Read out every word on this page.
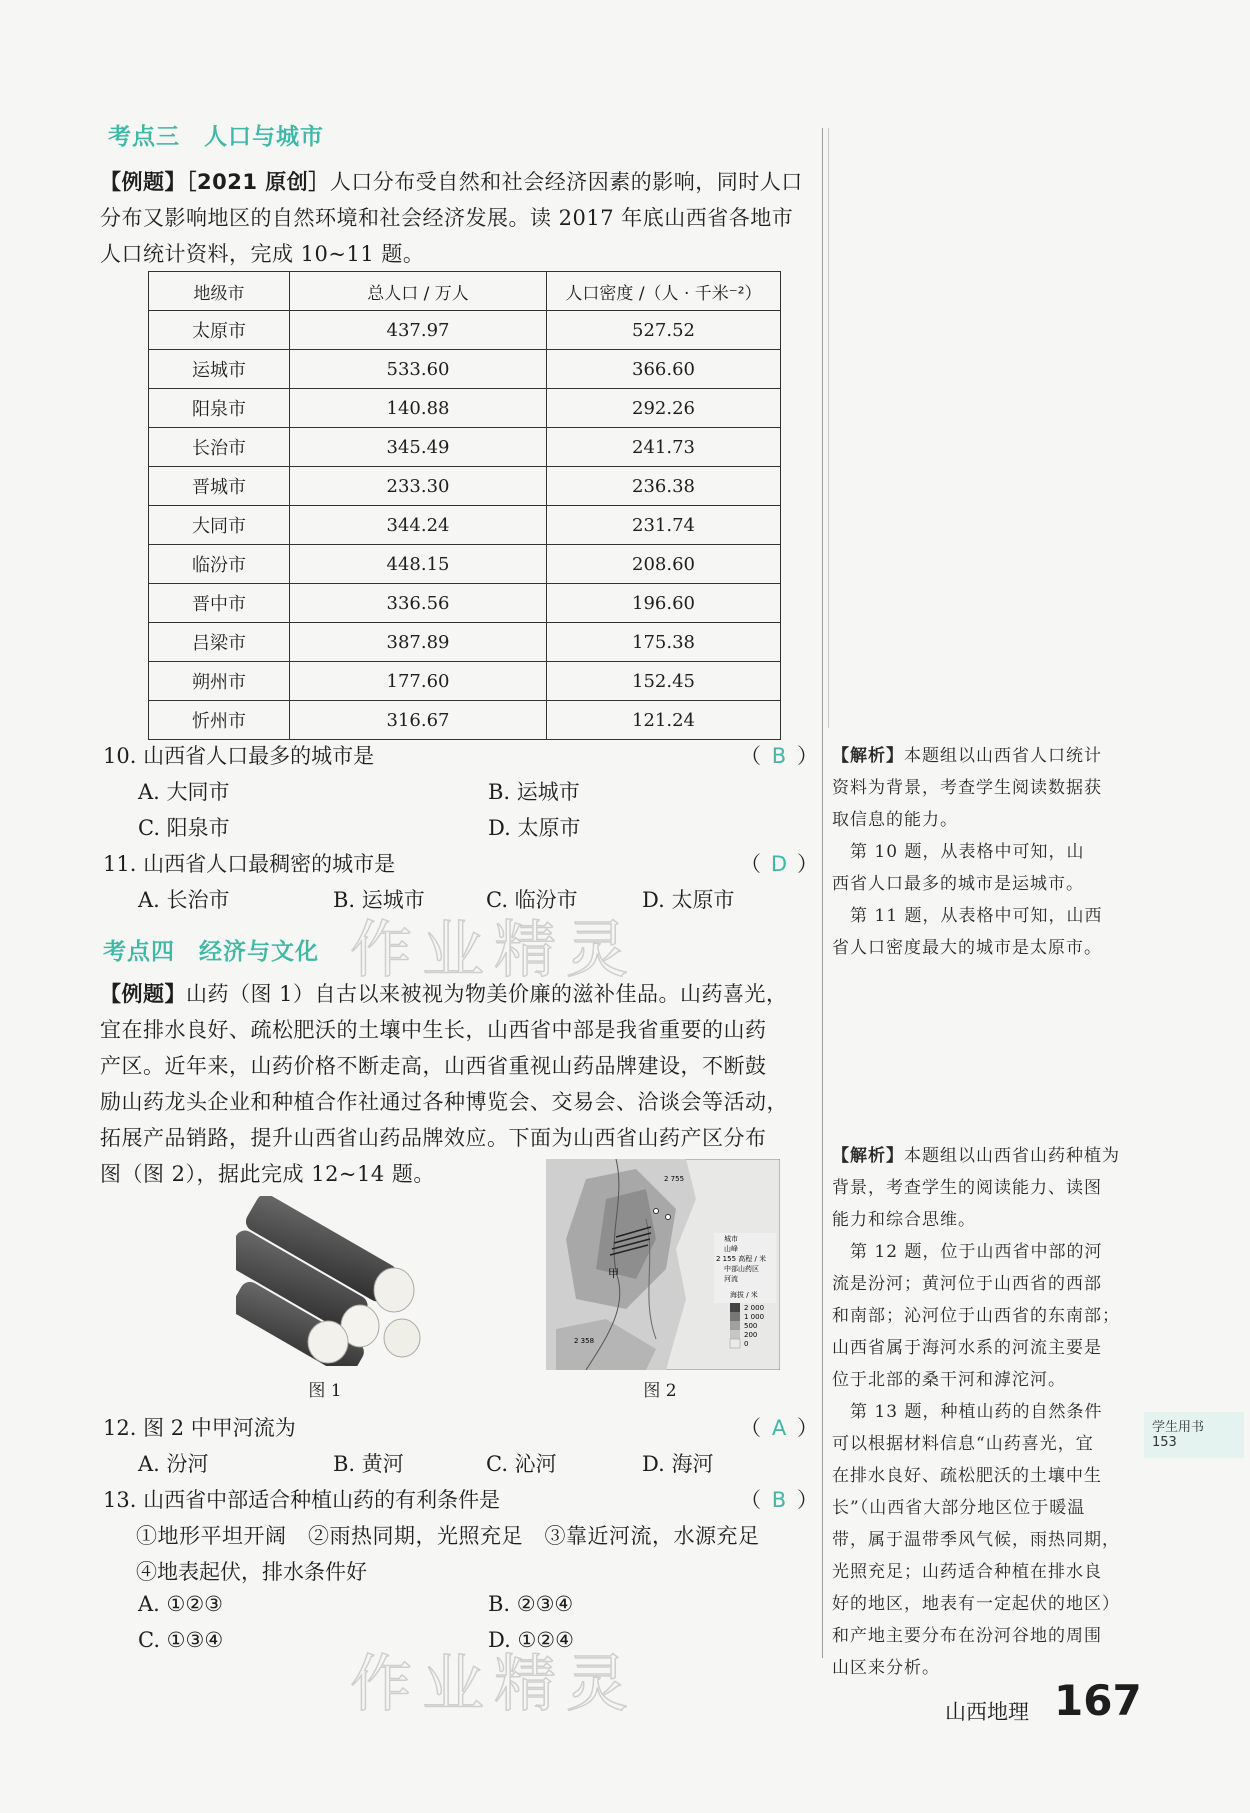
考点三　人口与城市
【例题】［2021 原创］人口分布受自然和社会经济因素的影响，同时人口
分布又影响地区的自然环境和社会经济发展。读 2017 年底山西省各地市
人口统计资料，完成 10~11 题。
地级市	总人口 / 万人	人口密度 /（人 · 千米⁻²）
太原市	437.97	527.52
运城市	533.60	366.60
阳泉市	140.88	292.26
长治市	345.49	241.73
晋城市	233.30	236.38
大同市	344.24	231.74
临汾市	448.15	208.60
晋中市	336.56	196.60
吕梁市	387.89	175.38
朔州市	177.60	152.45
忻州市	316.67	121.24
10. 山西省人口最多的城市是	（ B ）
A. 大同市	B. 运城市
C. 阳泉市	D. 太原市
11. 山西省人口最稠密的城市是	（ D ）
A. 长治市	B. 运城市	C. 临汾市	D. 太原市
【解析】本题组以山西省人口统计
资料为背景，考查学生阅读数据获
取信息的能力。
　第 10 题，从表格中可知，山
西省人口最多的城市是运城市。
　第 11 题，从表格中可知，山西
省人口密度最大的城市是太原市。
考点四　经济与文化
【例题】山药（图 1）自古以来被视为物美价廉的滋补佳品。山药喜光，
宜在排水良好、疏松肥沃的土壤中生长，山西省中部是我省重要的山药
产区。近年来，山药价格不断走高，山西省重视山药品牌建设，不断鼓
励山药龙头企业和种植合作社通过各种博览会、交易会、洽谈会等活动，
拓展产品销路，提升山西省山药品牌效应。下面为山西省山药产区分布
图（图 2），据此完成 12~14 题。
图 1
甲
2 755
2 358
城市
山峰
2 155 高程 / 米
中部山药区
河流
海拔 / 米
2 000
1 000
500
200
0
图 2
12. 图 2 中甲河流为	（ A ）
A. 汾河	B. 黄河	C. 沁河	D. 海河
13. 山西省中部适合种植山药的有利条件是	（ B ）
①地形平坦开阔　②雨热同期，光照充足　③靠近河流，水源充足
④地表起伏，排水条件好
A. ①②③	B. ②③④
C. ①③④	D. ①②④
【解析】本题组以山西省山药种植为
背景，考查学生的阅读能力、读图
能力和综合思维。
　第 12 题，位于山西省中部的河
流是汾河；黄河位于山西省的西部
和南部；沁河位于山西省的东南部；
山西省属于海河水系的河流主要是
位于北部的桑干河和滹沱河。
　第 13 题，种植山药的自然条件
可以根据材料信息“山药喜光，宜
在排水良好、疏松肥沃的土壤中生
长”（山西省大部分地区位于暖温
带，属于温带季风气候，雨热同期，
光照充足；山药适合种植在排水良
好的地区，地表有一定起伏的地区）
和产地主要分布在汾河谷地的周围
山区来分析。
学生用书
153
作业精灵
作业精灵	山西地理 167
